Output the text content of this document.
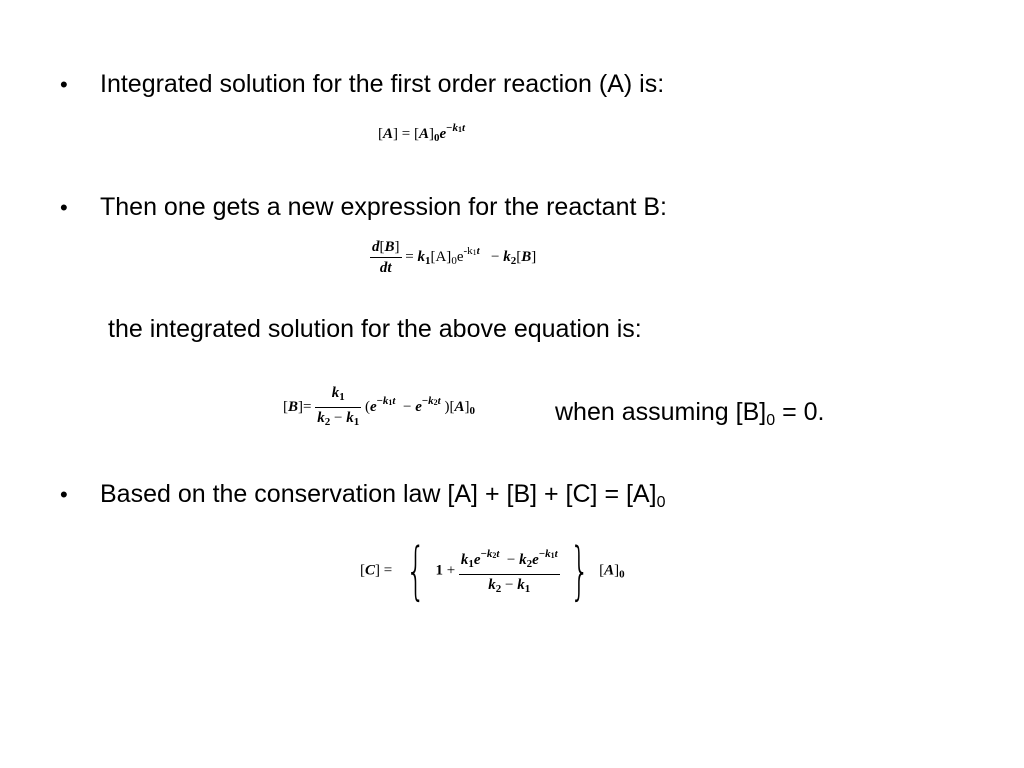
• Integrated solution for the first order reaction (A) is:
$[A] = [A]_0e^{-k1t}$
• Then one gets a new expression for the reactant B:
$\frac{d[B]}{dt} = k_1[A]_0e^{-k1t} - k_2[B]$
the integrated solution for the above equation is:
$[B]= \frac{k_1}{k_2 - k_1} (e^{-k1t} - e^{-k2t}$ )$[A]_0$	when assuming $[B]_0 = 0$.
• Based on the conservation law $[A] + [B] + [C] = [A]_0$
[C] = { $1 + \frac{k_1e^{-k2t} - k_2e^{-k1t}}{k_2 - k_1}$ } $[A]_0$
